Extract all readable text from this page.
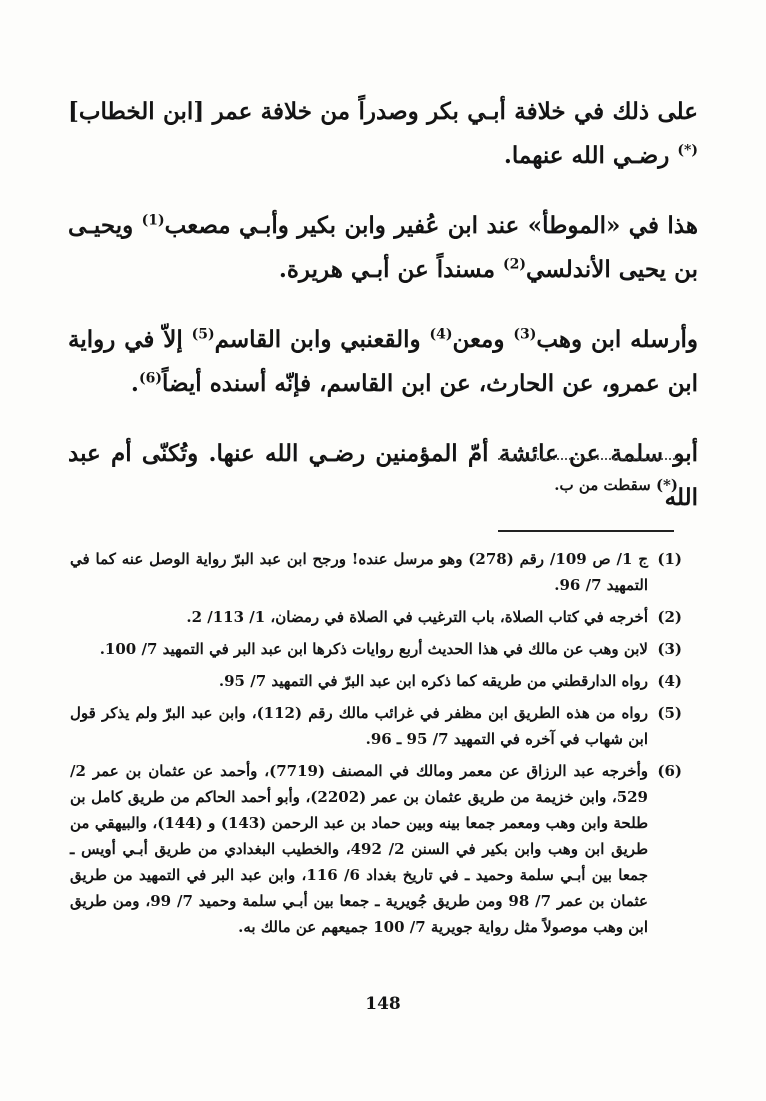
على ذلك في خلافة أبـي بكر وصدراً من خلافة عمر [ابن الخطاب](*) رضـي الله عنهما.

هذا في «الموطأ» عند ابن عُفير وابن بكير وأبـي مصعب$^{(1)}$ ويحيـى بن يحيى الأندلسي$^{(2)}$ مسنداً عن أبـي هريرة.

وأرسله ابن وهب$^{(3)}$ ومعن$^{(4)}$ والقعنبي وابن القاسم$^{(5)}$ إلاّ في رواية ابن عمرو، عن الحارث، عن ابن القاسم، فإنّه أسنده أيضاً$^{(6)}$.

أبو سلمة عن عائشة أمّ المؤمنين رضـي الله عنها. وتُكنّى أم عبد الله

(*) سقطت من ب.
(1)
ج 1/ ص 109/ رقم (278) وهو مرسل عنده! ورجح ابن عبد البرّ رواية الوصل عنه كما في التمهيد 7/ 96.
(2)
أخرجه في كتاب الصلاة، باب الترغيب في الصلاة في رمضان، 1/ 113/ 2.
(3)
لابن وهب عن مالك في هذا الحديث أربع روايات ذكرها ابن عبد البر في التمهيد 7/ 100.
(4)
رواه الدارقطني من طريقه كما ذكره ابن عبد البرّ في التمهيد 7/ 95.
(5)
رواه من هذه الطريق ابن مظفر في غرائب مالك رقم (112)، وابن عبد البرّ ولم يذكر قول ابن شهاب في آخره في التمهيد 7/ 95 ـ 96.
(6)
وأخرجه عبد الرزاق عن معمر ومالك في المصنف (7719)، وأحمد عن عثمان بن عمر 2/ 529، وابن خزيمة من طريق عثمان بن عمر (2202)، وأبو أحمد الحاكم من طريق كامل بن طلحة وابن وهب ومعمر جمعا بينه وبين حماد بن عبد الرحمن (143) و (144)، والبيهقي من طريق ابن وهب وابن بكير في السنن 2/ 492، والخطيب البغدادي من طريق أبـي أويس ـ جمعا بين أبـي سلمة وحميد ـ في تاريخ بغداد 6/ 116، وابن عبد البر في التمهيد من طريق عثمان بن عمر 7/ 98 ومن طريق جُويرية ـ جمعا بين أبـي سلمة وحميد 7/ 99، ومن طريق ابن وهب موصولاً مثل رواية جويرية 7/ 100 جميعهم عن مالك به.
148
